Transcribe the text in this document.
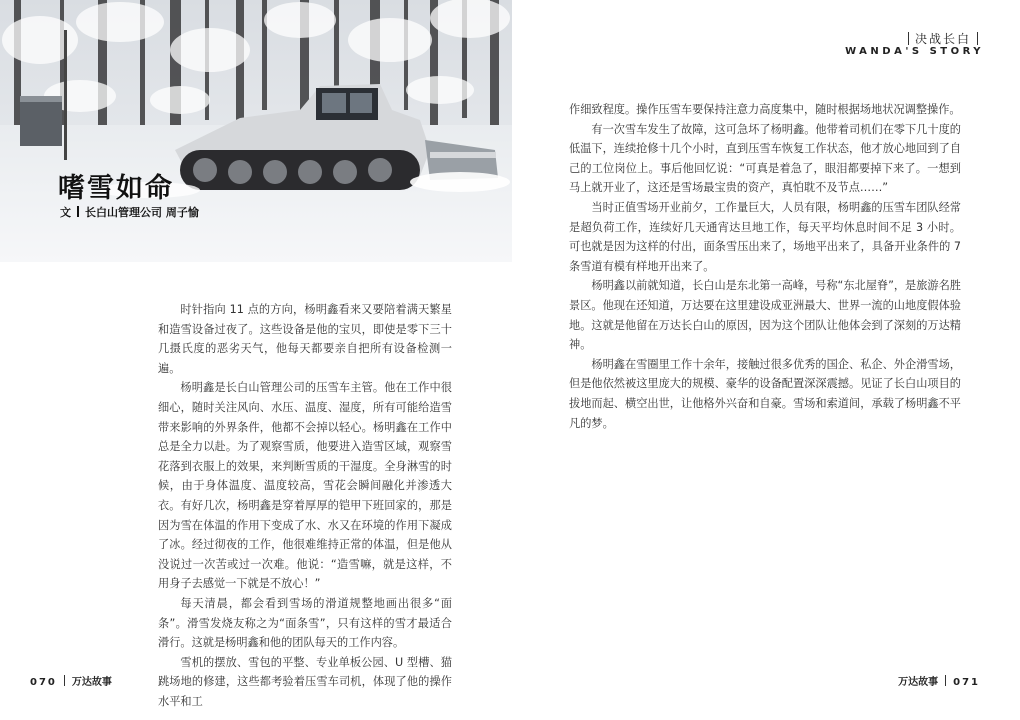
嗜雪如命
文 长白山管理公司 周子愉

时针指向 11 点的方向，杨明鑫看来又要陪着满天繁星和造雪设备过夜了。这些设备是他的宝贝，即使是零下三十几摄氏度的恶劣天气，他每天都要亲自把所有设备检测一遍。

杨明鑫是长白山管理公司的压雪车主管。他在工作中很细心，随时关注风向、水压、温度、湿度，所有可能给造雪带来影响的外界条件，他都不会掉以轻心。杨明鑫在工作中总是全力以赴。为了观察雪质，他要进入造雪区域，观察雪花落到衣服上的效果，来判断雪质的干湿度。全身淋雪的时候，由于身体温度、温度较高，雪花会瞬间融化并渗透大衣。有好几次，杨明鑫是穿着厚厚的铠甲下班回家的，那是因为雪在体温的作用下变成了水、水又在环境的作用下凝成了冰。经过彻夜的工作，他很难维持正常的体温，但是他从没说过一次苦或过一次难。他说：“造雪嘛，就是这样，不用身子去感觉一下就是不放心！”

每天清晨，都会看到雪场的滑道规整地画出很多“面条”。滑雪发烧友称之为“面条雪”，只有这样的雪才最适合滑行。这就是杨明鑫和他的团队每天的工作内容。

雪机的摆放、雪包的平整、专业单板公园、U 型槽、猫跳场地的修建，这些都考验着压雪车司机，体现了他的操作水平和工

070 万达故事
决战长白
WANDA'S STORY
万达故事 071

作细致程度。操作压雪车要保持注意力高度集中，随时根据场地状况调整操作。

有一次雪车发生了故障，这可急坏了杨明鑫。他带着司机们在零下几十度的低温下，连续抢修十几个小时，直到压雪车恢复工作状态，他才放心地回到了自己的工位岗位上。事后他回忆说：“可真是着急了，眼泪都要掉下来了。一想到马上就开业了，这还是雪场最宝贵的资产，真怕耽不及节点……”

当时正值雪场开业前夕，工作量巨大，人员有限，杨明鑫的压雪车团队经常是超负荷工作，连续好几天通宵达旦地工作，每天平均休息时间不足 3 小时。可也就是因为这样的付出，面条雪压出来了，场地平出来了，具备开业条件的 7 条雪道有模有样地开出来了。

杨明鑫以前就知道，长白山是东北第一高峰，号称“东北屋脊”，是旅游名胜景区。他现在还知道，万达要在这里建设成亚洲最大、世界一流的山地度假体验地。这就是他留在万达长白山的原因，因为这个团队让他体会到了深刻的万达精神。

杨明鑫在雪圈里工作十余年，接触过很多优秀的国企、私企、外企滑雪场，但是他依然被这里庞大的规模、豪华的设备配置深深震撼。见证了长白山项目的拔地而起、横空出世，让他格外兴奋和自豪。雪场和索道间，承载了杨明鑫不平凡的梦。
